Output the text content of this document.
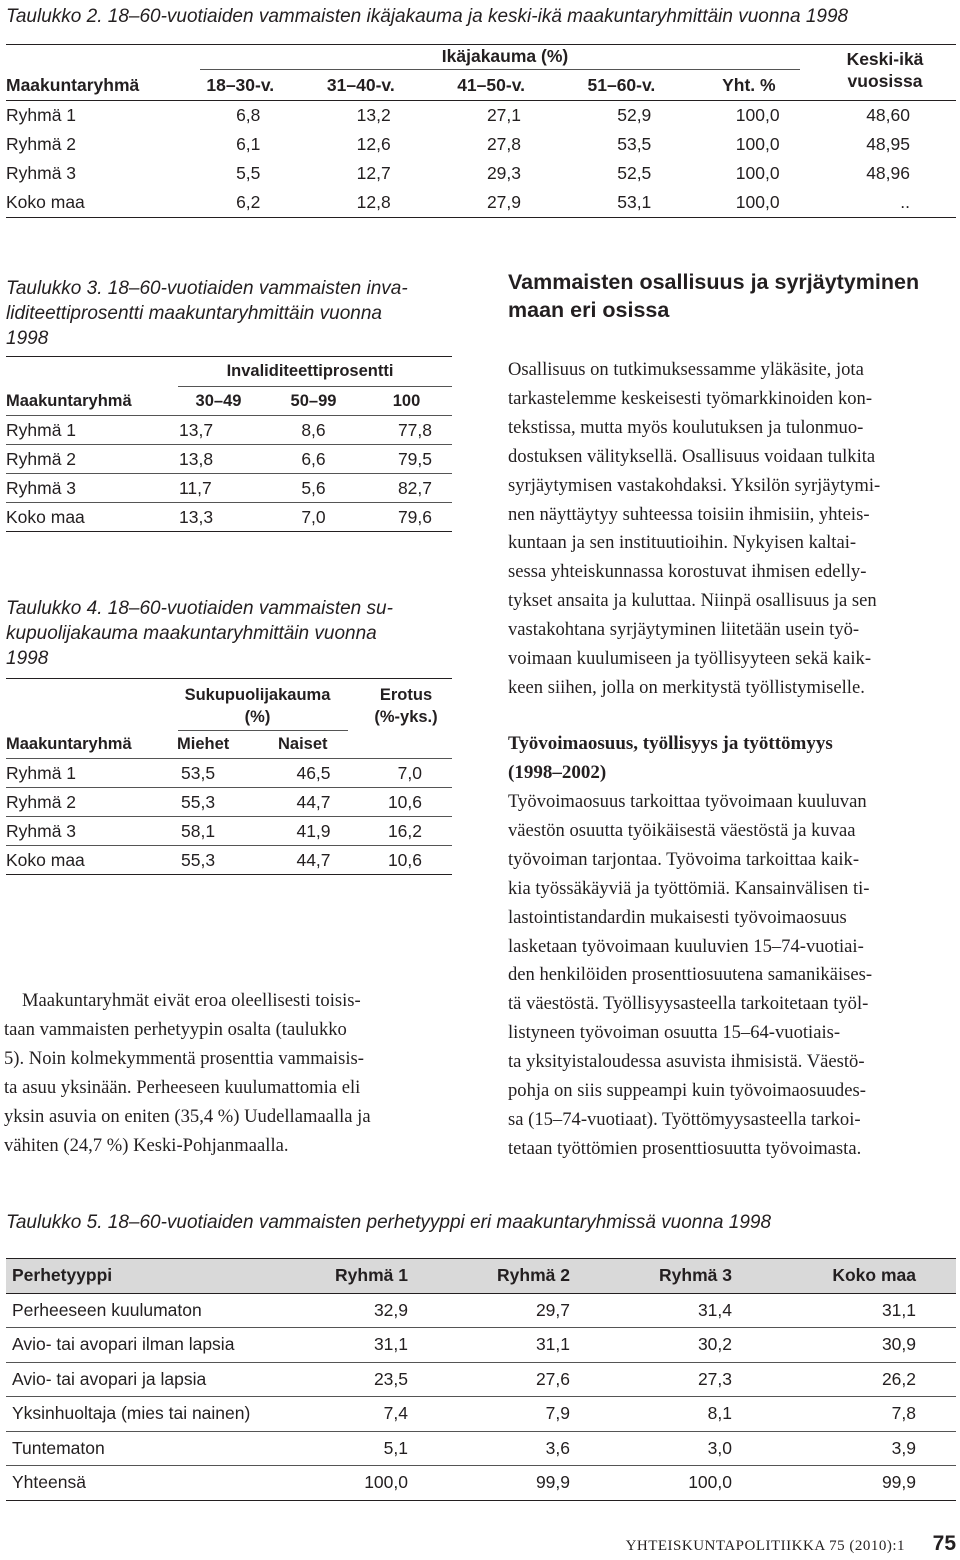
Taulukko 2. 18–60-vuotiaiden vammaisten ikäjakauma ja keski-ikä maakuntaryhmittäin vuonna 1998
Ikäjakauma (%)	Keski-ikä
vuosissa
Maakuntaryhmä	18–30-v.	31–40-v.	41–50-v.	51–60-v.	Yht. %	
Ryhmä 1	6,8	13,2	27,1	52,9	100,0	48,60
Ryhmä 2	6,1	12,6	27,8	53,5	100,0	48,95
Ryhmä 3	5,5	12,7	29,3	52,5	100,0	48,96
Koko maa	6,2	12,8	27,9	53,1	100,0	..
Taulukko 3. 18–60-vuotiaiden vammaisten inva-
liditeettiprosentti maakuntaryhmittäin vuonna
1998
Invaliditeettiprosentti
Maakuntaryhmä	30–49	50–99	100
Ryhmä 1	13,7	8,6	77,8
Ryhmä 2	13,8	6,6	79,5
Ryhmä 3	11,7	5,6	82,7
Koko maa	13,3	7,0	79,6
Taulukko 4. 18–60-vuotiaiden vammaisten su-
kupuolijakauma maakuntaryhmittäin vuonna
1998
Sukupuolijakauma
(%)
Erotus
(%-yks.)
Maakuntaryhmä	Miehet	Naiset	
Ryhmä 1	53,5	46,5	7,0
Ryhmä 2	55,3	44,7	10,6
Ryhmä 3	58,1	41,9	16,2
Koko maa	55,3	44,7	10,6

Maakuntaryhmät eivät eroa oleellisesti toisis-

taan vammaisten perhetyypin osalta (taulukko

5). Noin kolmekymmentä prosenttia vammaisis-

ta asuu yksinään. Perheeseen kuulumattomia eli

yksin asuvia on eniten (35,4 %) Uudellamaalla ja

vähiten (24,7 %) Keski-Pohjanmaalla.

Vammaisten osallisuus ja syrjäytyminen
maan eri osissa

Osallisuus on tutkimuksessamme yläkäsite, jota

tarkastelemme keskeisesti työmarkkinoiden kon-

tekstissa, mutta myös koulutuksen ja tulonmuo-

dostuksen välityksellä. Osallisuus voidaan tulkita

syrjäytymisen vastakohdaksi. Yksilön syrjäytymi-

nen näyttäytyy suhteessa toisiin ihmisiin, yhteis-

kuntaan ja sen instituutioihin. Nykyisen kaltai-

sessa yhteiskunnassa korostuvat ihmisen edelly-

tykset ansaita ja kuluttaa. Niinpä osallisuus ja sen

vastakohtana syrjäytyminen liitetään usein työ-

voimaan kuulumiseen ja työllisyyteen sekä kaik-

keen siihen, jolla on merkitystä työllistymiselle.

Työvoimaosuus, työllisyys ja työttömyys
(1998–2002)

Työvoimaosuus tarkoittaa työvoimaan kuuluvan

väestön osuutta työikäisestä väestöstä ja kuvaa

työvoiman tarjontaa. Työvoima tarkoittaa kaik-

kia työssäkäyviä ja työttömiä. Kansainvälisen ti-

lastointistandardin mukaisesti työvoimaosuus

lasketaan työvoimaan kuuluvien 15–74-vuotiai-

den henkilöiden prosenttiosuutena samanikäises-

tä väestöstä. Työllisyysasteella tarkoitetaan työl-

listyneen työvoiman osuutta 15–64-vuotiais-

ta yksityistaloudessa asuvista ihmisistä. Väestö-

pohja on siis suppeampi kuin työvoimaosuudes-

sa (15–74-vuotiaat). Työttömyysasteella tarkoi-

tetaan työttömien prosenttiosuutta työvoimasta.

Taulukko 5. 18–60-vuotiaiden vammaisten perhetyyppi eri maakuntaryhmissä vuonna 1998
Perhetyyppi	Ryhmä 1	Ryhmä 2	Ryhmä 3	Koko maa
Perheeseen kuulumaton	32,9	29,7	31,4	31,1
Avio- tai avopari ilman lapsia	31,1	31,1	30,2	30,9
Avio- tai avopari ja lapsia	23,5	27,6	27,3	26,2
Yksinhuoltaja (mies tai nainen)	7,4	7,9	8,1	7,8
Tuntematon	5,1	3,6	3,0	3,9
Yhteensä	100,0	99,9	100,0	99,9
YHTEISKUNTAPOLITIIKKA 75 (2010):1	75
